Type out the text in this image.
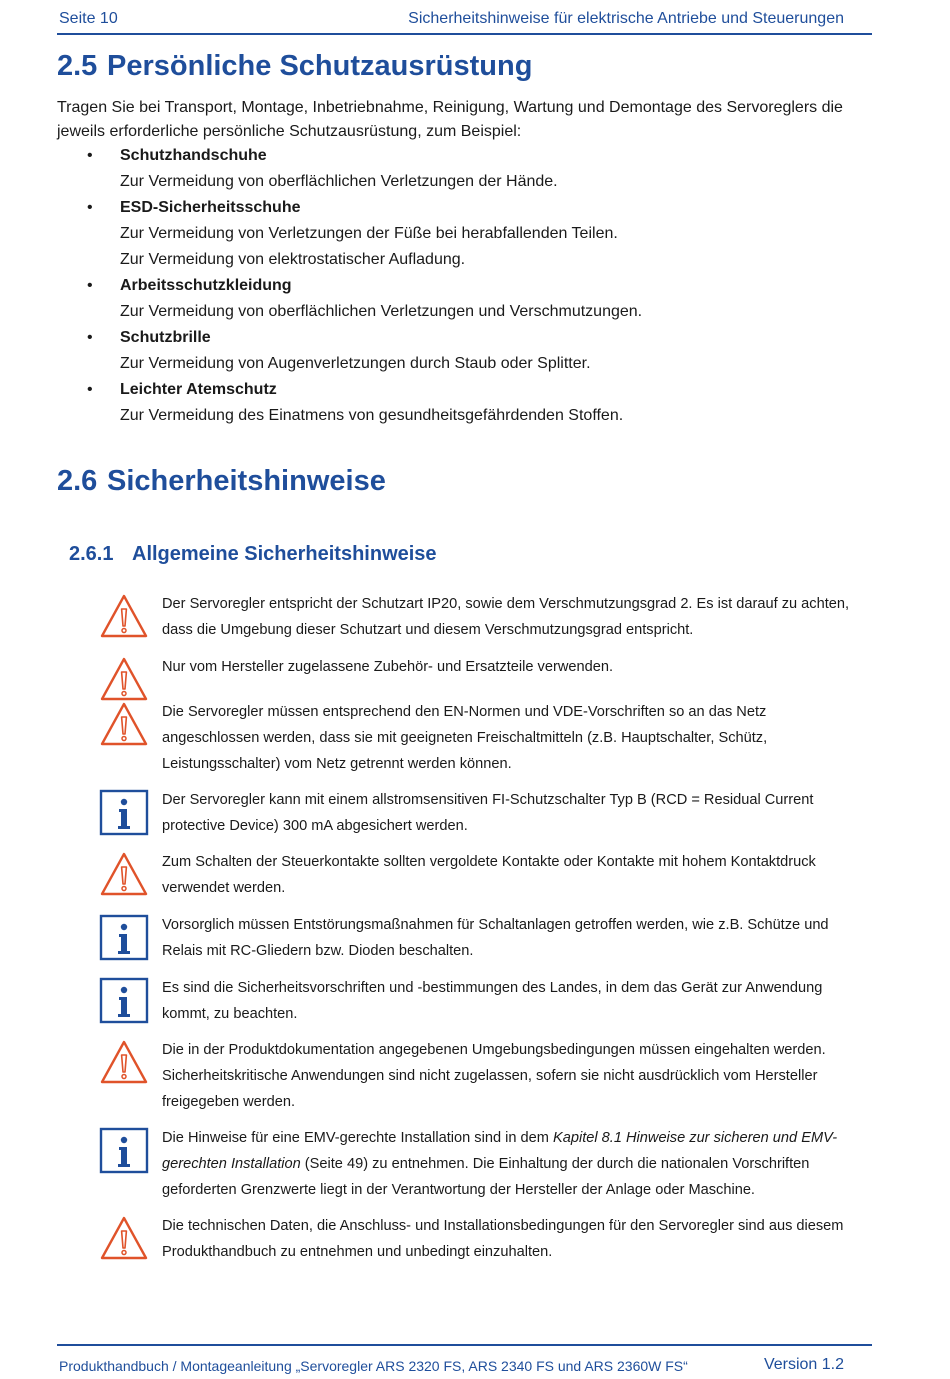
Seite 10	Sicherheitshinweise für elektrische Antriebe und Steuerungen
2.5 Persönliche Schutzausrüstung
Tragen Sie bei Transport, Montage, Inbetriebnahme, Reinigung, Wartung und Demontage des Servoreglers die jeweils erforderliche persönliche Schutzausrüstung, zum Beispiel:
• Schutzhandschuhe
Zur Vermeidung von oberflächlichen Verletzungen der Hände.
• ESD-Sicherheitsschuhe
Zur Vermeidung von Verletzungen der Füße bei herabfallenden Teilen.
Zur Vermeidung von elektrostatischer Aufladung.
• Arbeitsschutzkleidung
Zur Vermeidung von oberflächlichen Verletzungen und Verschmutzungen.
• Schutzbrille
Zur Vermeidung von Augenverletzungen durch Staub oder Splitter.
• Leichter Atemschutz
Zur Vermeidung des Einatmens von gesundheitsgefährdenden Stoffen.
2.6 Sicherheitshinweise
2.6.1 Allgemeine Sicherheitshinweise
Der Servoregler entspricht der Schutzart IP20, sowie dem Verschmutzungsgrad 2. Es ist darauf zu achten, dass die Umgebung dieser Schutzart und diesem Verschmutzungsgrad entspricht.
Nur vom Hersteller zugelassene Zubehör- und Ersatzteile verwenden.
Die Servoregler müssen entsprechend den EN-Normen und VDE-Vorschriften so an das Netz angeschlossen werden, dass sie mit geeigneten Freischaltmitteln (z.B. Hauptschalter, Schütz, Leistungsschalter) vom Netz getrennt werden können.
Der Servoregler kann mit einem allstromsensitiven FI-Schutzschalter Typ B (RCD = Residual Current protective Device) 300 mA abgesichert werden.
Zum Schalten der Steuerkontakte sollten vergoldete Kontakte oder Kontakte mit hohem Kontaktdruck verwendet werden.
Vorsorglich müssen Entstörungsmaßnahmen für Schaltanlagen getroffen werden, wie z.B. Schütze und Relais mit RC-Gliedern bzw. Dioden beschalten.
Es sind die Sicherheitsvorschriften und -bestimmungen des Landes, in dem das Gerät zur Anwendung kommt, zu beachten.
Die in der Produktdokumentation angegebenen Umgebungsbedingungen müssen eingehalten werden. Sicherheitskritische Anwendungen sind nicht zugelassen, sofern sie nicht ausdrücklich vom Hersteller freigegeben werden.
Die Hinweise für eine EMV-gerechte Installation sind in dem Kapitel 8.1 Hinweise zur sicheren und EMV-gerechten Installation (Seite 49) zu entnehmen. Die Einhaltung der durch die nationalen Vorschriften geforderten Grenzwerte liegt in der Verantwortung der Hersteller der Anlage oder Maschine.
Die technischen Daten, die Anschluss- und Installationsbedingungen für den Servoregler sind aus diesem Produkthandbuch zu entnehmen und unbedingt einzuhalten.
Produkthandbuch / Montageanleitung „Servoregler ARS 2320 FS, ARS 2340 FS und ARS 2360W FS“	Version 1.2
